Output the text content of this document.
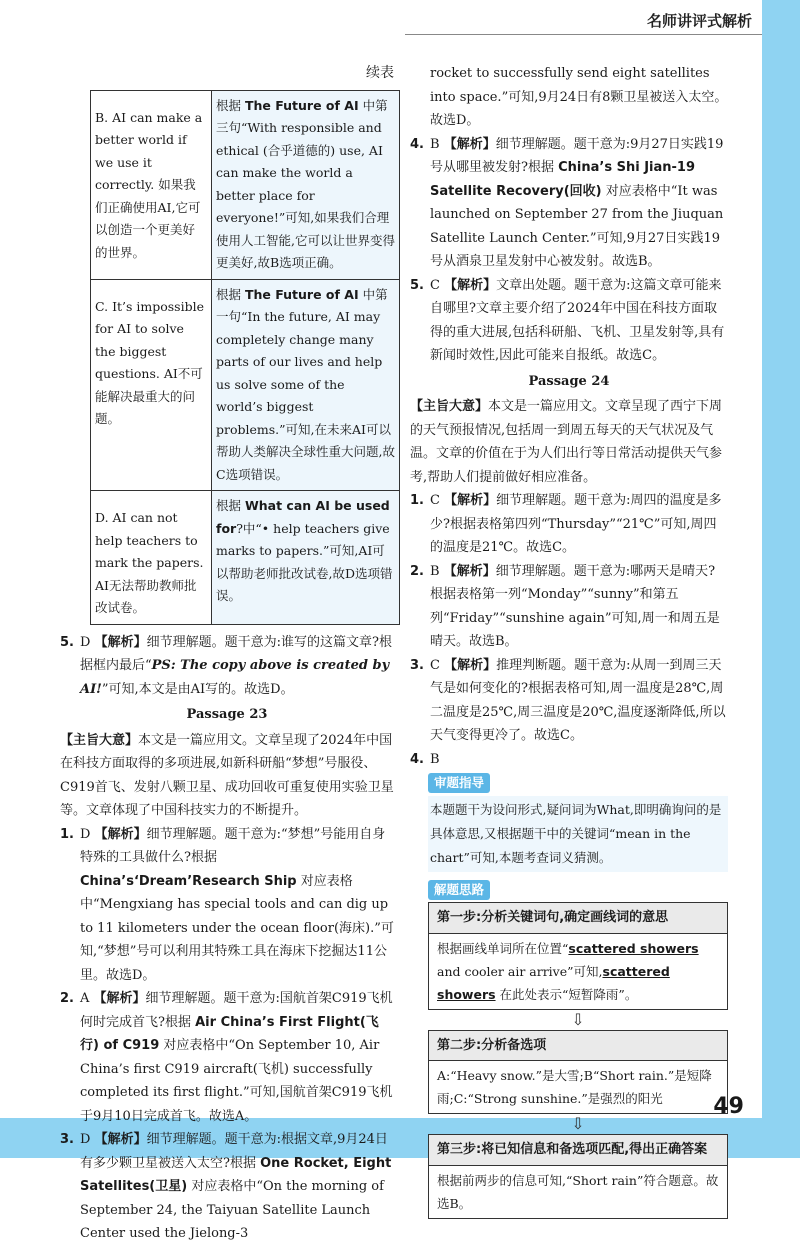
名师讲评式解析
续表
B. AI can make a better world if we use it correctly. 如果我们正确使用AI,它可以创造一个更美好的世界。	根据 The Future of AI 中第三句“With responsible and ethical (合乎道德的) use, AI can make the world a better place for everyone!”可知,如果我们合理使用人工智能,它可以让世界变得更美好,故B选项正确。
C. It’s impossible for AI to solve the biggest questions. AI不可能解决最重大的问题。	根据 The Future of AI 中第一句“In the future, AI may completely change many parts of our lives and help us solve some of the world’s biggest problems.”可知,在未来AI可以帮助人类解决全球性重大问题,故C选项错误。
D. AI can not help teachers to mark the papers. AI无法帮助教师批改试卷。	根据 What can AI be used for?中“• help teachers give marks to papers.”可知,AI可以帮助老师批改试卷,故D选项错误。
5. D 【解析】细节理解题。题干意为:谁写的这篇文章?根据框内最后“PS: The copy above is created by AI!”可知,本文是由AI写的。故选D。
Passage 23
【主旨大意】本文是一篇应用文。文章呈现了2024年中国在科技方面取得的多项进展,如新科研船“梦想”号服役、C919首飞、发射八颗卫星、成功回收可重复使用实验卫星等。文章体现了中国科技实力的不断提升。
1. D 【解析】细节理解题。题干意为:“梦想”号能用自身特殊的工具做什么?根据 China’s‘Dream’Research Ship 对应表格中“Mengxiang has special tools and can dig up to 11 kilometers under the ocean floor(海床).”可知,“梦想”号可以利用其特殊工具在海床下挖掘达11公里。故选D。
2. A 【解析】细节理解题。题干意为:国航首架C919飞机何时完成首飞?根据 Air China’s First Flight(飞行) of C919 对应表格中“On September 10, Air China’s first C919 aircraft(飞机) successfully completed its first flight.”可知,国航首架C919飞机于9月10日完成首飞。故选A。
3. D 【解析】细节理解题。题干意为:根据文章,9月24日有多少颗卫星被送入太空?根据 One Rocket, Eight Satellites(卫星) 对应表格中“On the morning of September 24, the Taiyuan Satellite Launch Center used the Jielong-3
rocket to successfully send eight satellites into space.”可知,9月24日有8颗卫星被送入太空。故选D。
4. B 【解析】细节理解题。题干意为:9月27日实践19号从哪里被发射?根据 China’s Shi Jian-19 Satellite Recovery(回收) 对应表格中“It was launched on September 27 from the Jiuquan Satellite Launch Center.”可知,9月27日实践19号从酒泉卫星发射中心被发射。故选B。
5. C 【解析】文章出处题。题干意为:这篇文章可能来自哪里?文章主要介绍了2024年中国在科技方面取得的重大进展,包括科研船、飞机、卫星发射等,具有新闻时效性,因此可能来自报纸。故选C。
Passage 24
【主旨大意】本文是一篇应用文。文章呈现了西宁下周的天气预报情况,包括周一到周五每天的天气状况及气温。文章的价值在于为人们出行等日常活动提供天气参考,帮助人们提前做好相应准备。
1. C 【解析】细节理解题。题干意为:周四的温度是多少?根据表格第四列“Thursday”“21℃”可知,周四的温度是21℃。故选C。
2. B 【解析】细节理解题。题干意为:哪两天是晴天?根据表格第一列“Monday”“sunny”和第五列“Friday”“sunshine again”可知,周一和周五是晴天。故选B。
3. C 【解析】推理判断题。题干意为:从周一到周三天气是如何变化的?根据表格可知,周一温度是28℃,周二温度是25℃,周三温度是20℃,温度逐渐降低,所以天气变得更冷了。故选C。
4. B
审题指导
本题题干为设问形式,疑问词为What,即明确询问的是具体意思,又根据题干中的关键词“mean in the chart”可知,本题考查词义猜测。
解题思路
第一步:分析关键词句,确定画线词的意思
根据画线单词所在位置“scattered showers and cooler air arrive”可知,scattered showers 在此处表示“短暂降雨”。
⇩
第二步:分析备选项
A:“Heavy snow.”是大雪;B“Short rain.”是短降雨;C:“Strong sunshine.”是强烈的阳光
⇩
第三步:将已知信息和备选项匹配,得出正确答案
根据前两步的信息可知,“Short rain”符合题意。故选B。
49
